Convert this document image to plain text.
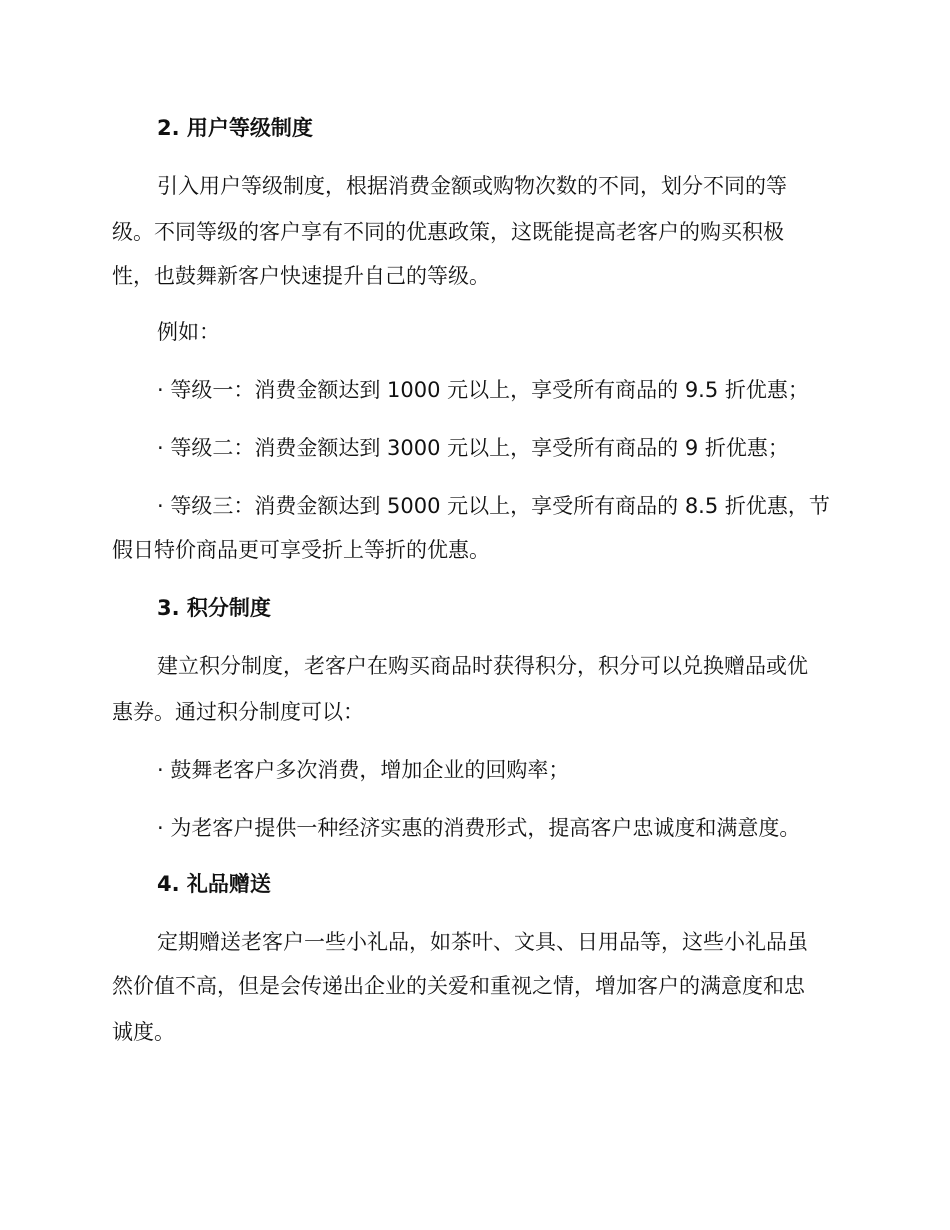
2. 用户等级制度
引入用户等级制度，根据消费金额或购物次数的不同，划分不同的等
级。不同等级的客户享有不同的优惠政策，这既能提高老客户的购买积极
性，也鼓舞新客户快速提升自己的等级。
例如：
· 等级一：消费金额达到 1000 元以上，享受所有商品的 9.5 折优惠；
· 等级二：消费金额达到 3000 元以上，享受所有商品的 9 折优惠；
· 等级三：消费金额达到 5000 元以上，享受所有商品的 8.5 折优惠，节
假日特价商品更可享受折上等折的优惠。
3. 积分制度
建立积分制度，老客户在购买商品时获得积分，积分可以兑换赠品或优
惠券。通过积分制度可以：
· 鼓舞老客户多次消费，增加企业的回购率；
· 为老客户提供一种经济实惠的消费形式，提高客户忠诚度和满意度。
4. 礼品赠送
定期赠送老客户一些小礼品，如茶叶、文具、日用品等，这些小礼品虽
然价值不高，但是会传递出企业的关爱和重视之情，增加客户的满意度和忠
诚度。
